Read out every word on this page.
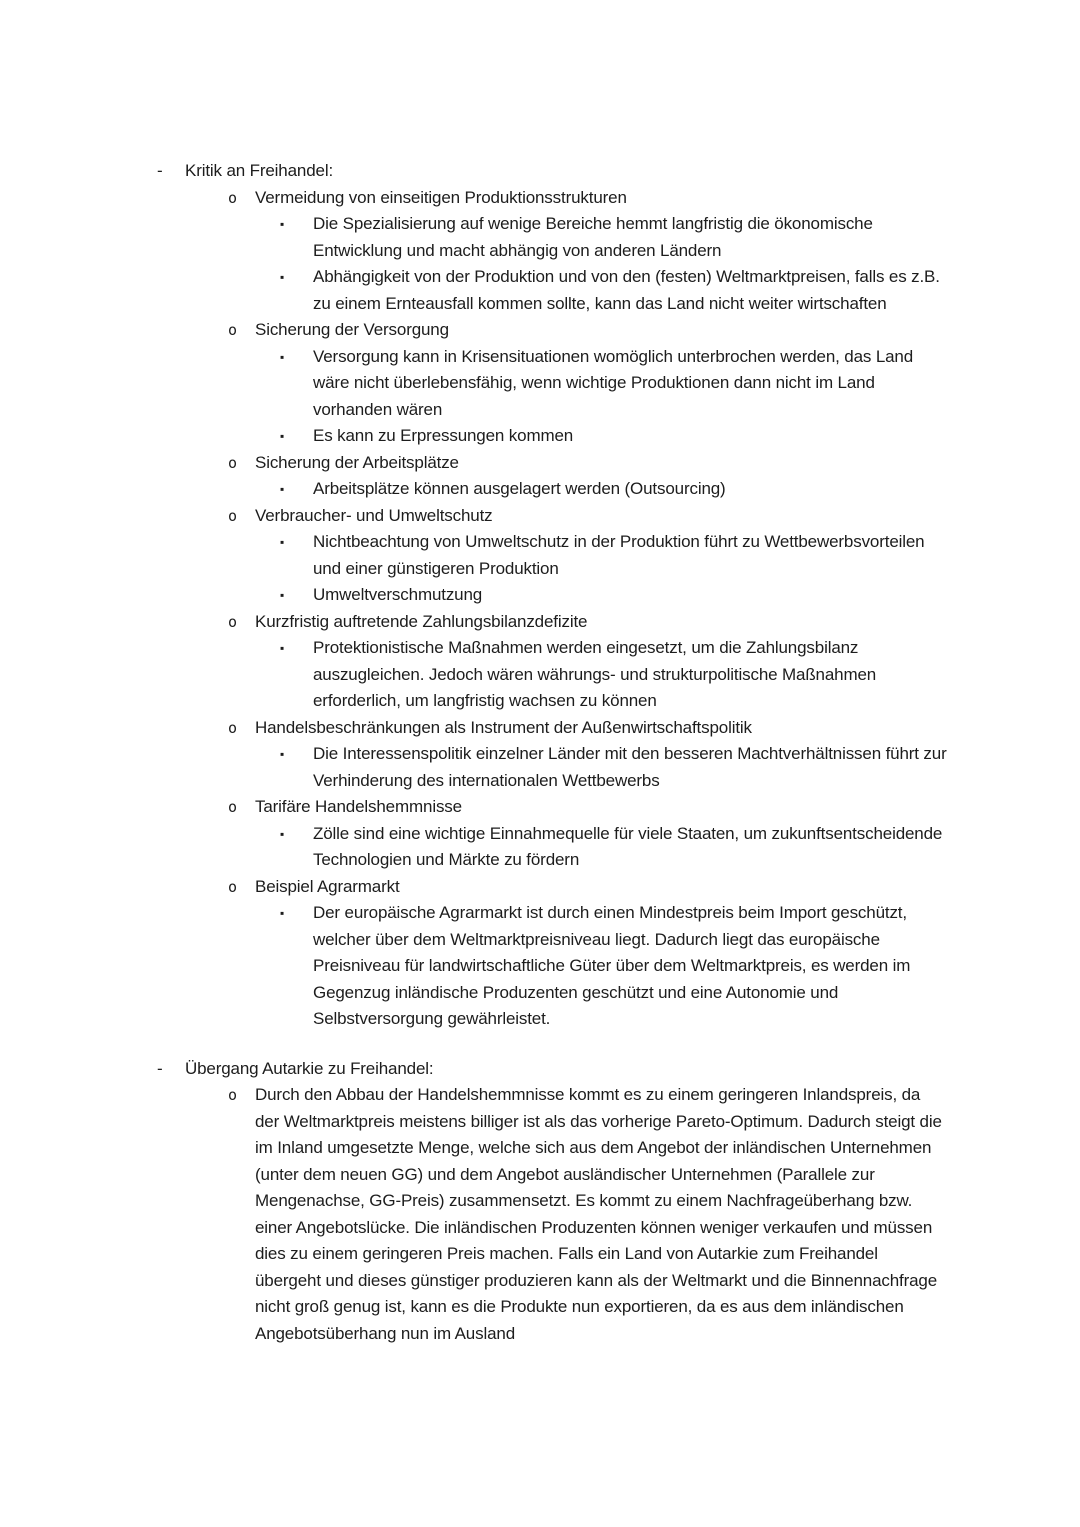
- Kritik an Freihandel:
o Vermeidung von einseitigen Produktionsstrukturen
▪ Die Spezialisierung auf wenige Bereiche hemmt langfristig die ökonomische Entwicklung und macht abhängig von anderen Ländern
▪ Abhängigkeit von der Produktion und von den (festen) Weltmarktpreisen, falls es z.B. zu einem Ernteausfall kommen sollte, kann das Land nicht weiter wirtschaften
o Sicherung der Versorgung
▪ Versorgung kann in Krisensituationen womöglich unterbrochen werden, das Land wäre nicht überlebensfähig, wenn wichtige Produktionen dann nicht im Land vorhanden wären
▪ Es kann zu Erpressungen kommen
o Sicherung der Arbeitsplätze
▪ Arbeitsplätze können ausgelagert werden (Outsourcing)
o Verbraucher- und Umweltschutz
▪ Nichtbeachtung von Umweltschutz in der Produktion führt zu Wettbewerbsvorteilen und einer günstigeren Produktion
▪ Umweltverschmutzung
o Kurzfristig auftretende Zahlungsbilanzdefizite
▪ Protektionistische Maßnahmen werden eingesetzt, um die Zahlungsbilanz auszugleichen. Jedoch wären währungs- und strukturpolitische Maßnahmen erforderlich, um langfristig wachsen zu können
o Handelsbeschränkungen als Instrument der Außenwirtschaftspolitik
▪ Die Interessenspolitik einzelner Länder mit den besseren Machtverhältnissen führt zur Verhinderung des internationalen Wettbewerbs
o Tarifäre Handelshemmnisse
▪ Zölle sind eine wichtige Einnahmequelle für viele Staaten, um zukunftsentscheidende Technologien und Märkte zu fördern
o Beispiel Agrarmarkt
▪ Der europäische Agrarmarkt ist durch einen Mindestpreis beim Import geschützt, welcher über dem Weltmarktpreisniveau liegt. Dadurch liegt das europäische Preisniveau für landwirtschaftliche Güter über dem Weltmarktpreis, es werden im Gegenzug inländische Produzenten geschützt und eine Autonomie und Selbstversorgung gewährleistet.
- Übergang Autarkie zu Freihandel:
o Durch den Abbau der Handelshemmnisse kommt es zu einem geringeren Inlandspreis, da der Weltmarktpreis meistens billiger ist als das vorherige Pareto-Optimum. Dadurch steigt die im Inland umgesetzte Menge, welche sich aus dem Angebot der inländischen Unternehmen (unter dem neuen GG) und dem Angebot ausländischer Unternehmen (Parallele zur Mengenachse, GG-Preis) zusammensetzt. Es kommt zu einem Nachfrageüberhang bzw. einer Angebotslücke. Die inländischen Produzenten können weniger verkaufen und müssen dies zu einem geringeren Preis machen. Falls ein Land von Autarkie zum Freihandel übergeht und dieses günstiger produzieren kann als der Weltmarkt und die Binnennachfrage nicht groß genug ist, kann es die Produkte nun exportieren, da es aus dem inländischen Angebotsüberhang nun im Ausland
